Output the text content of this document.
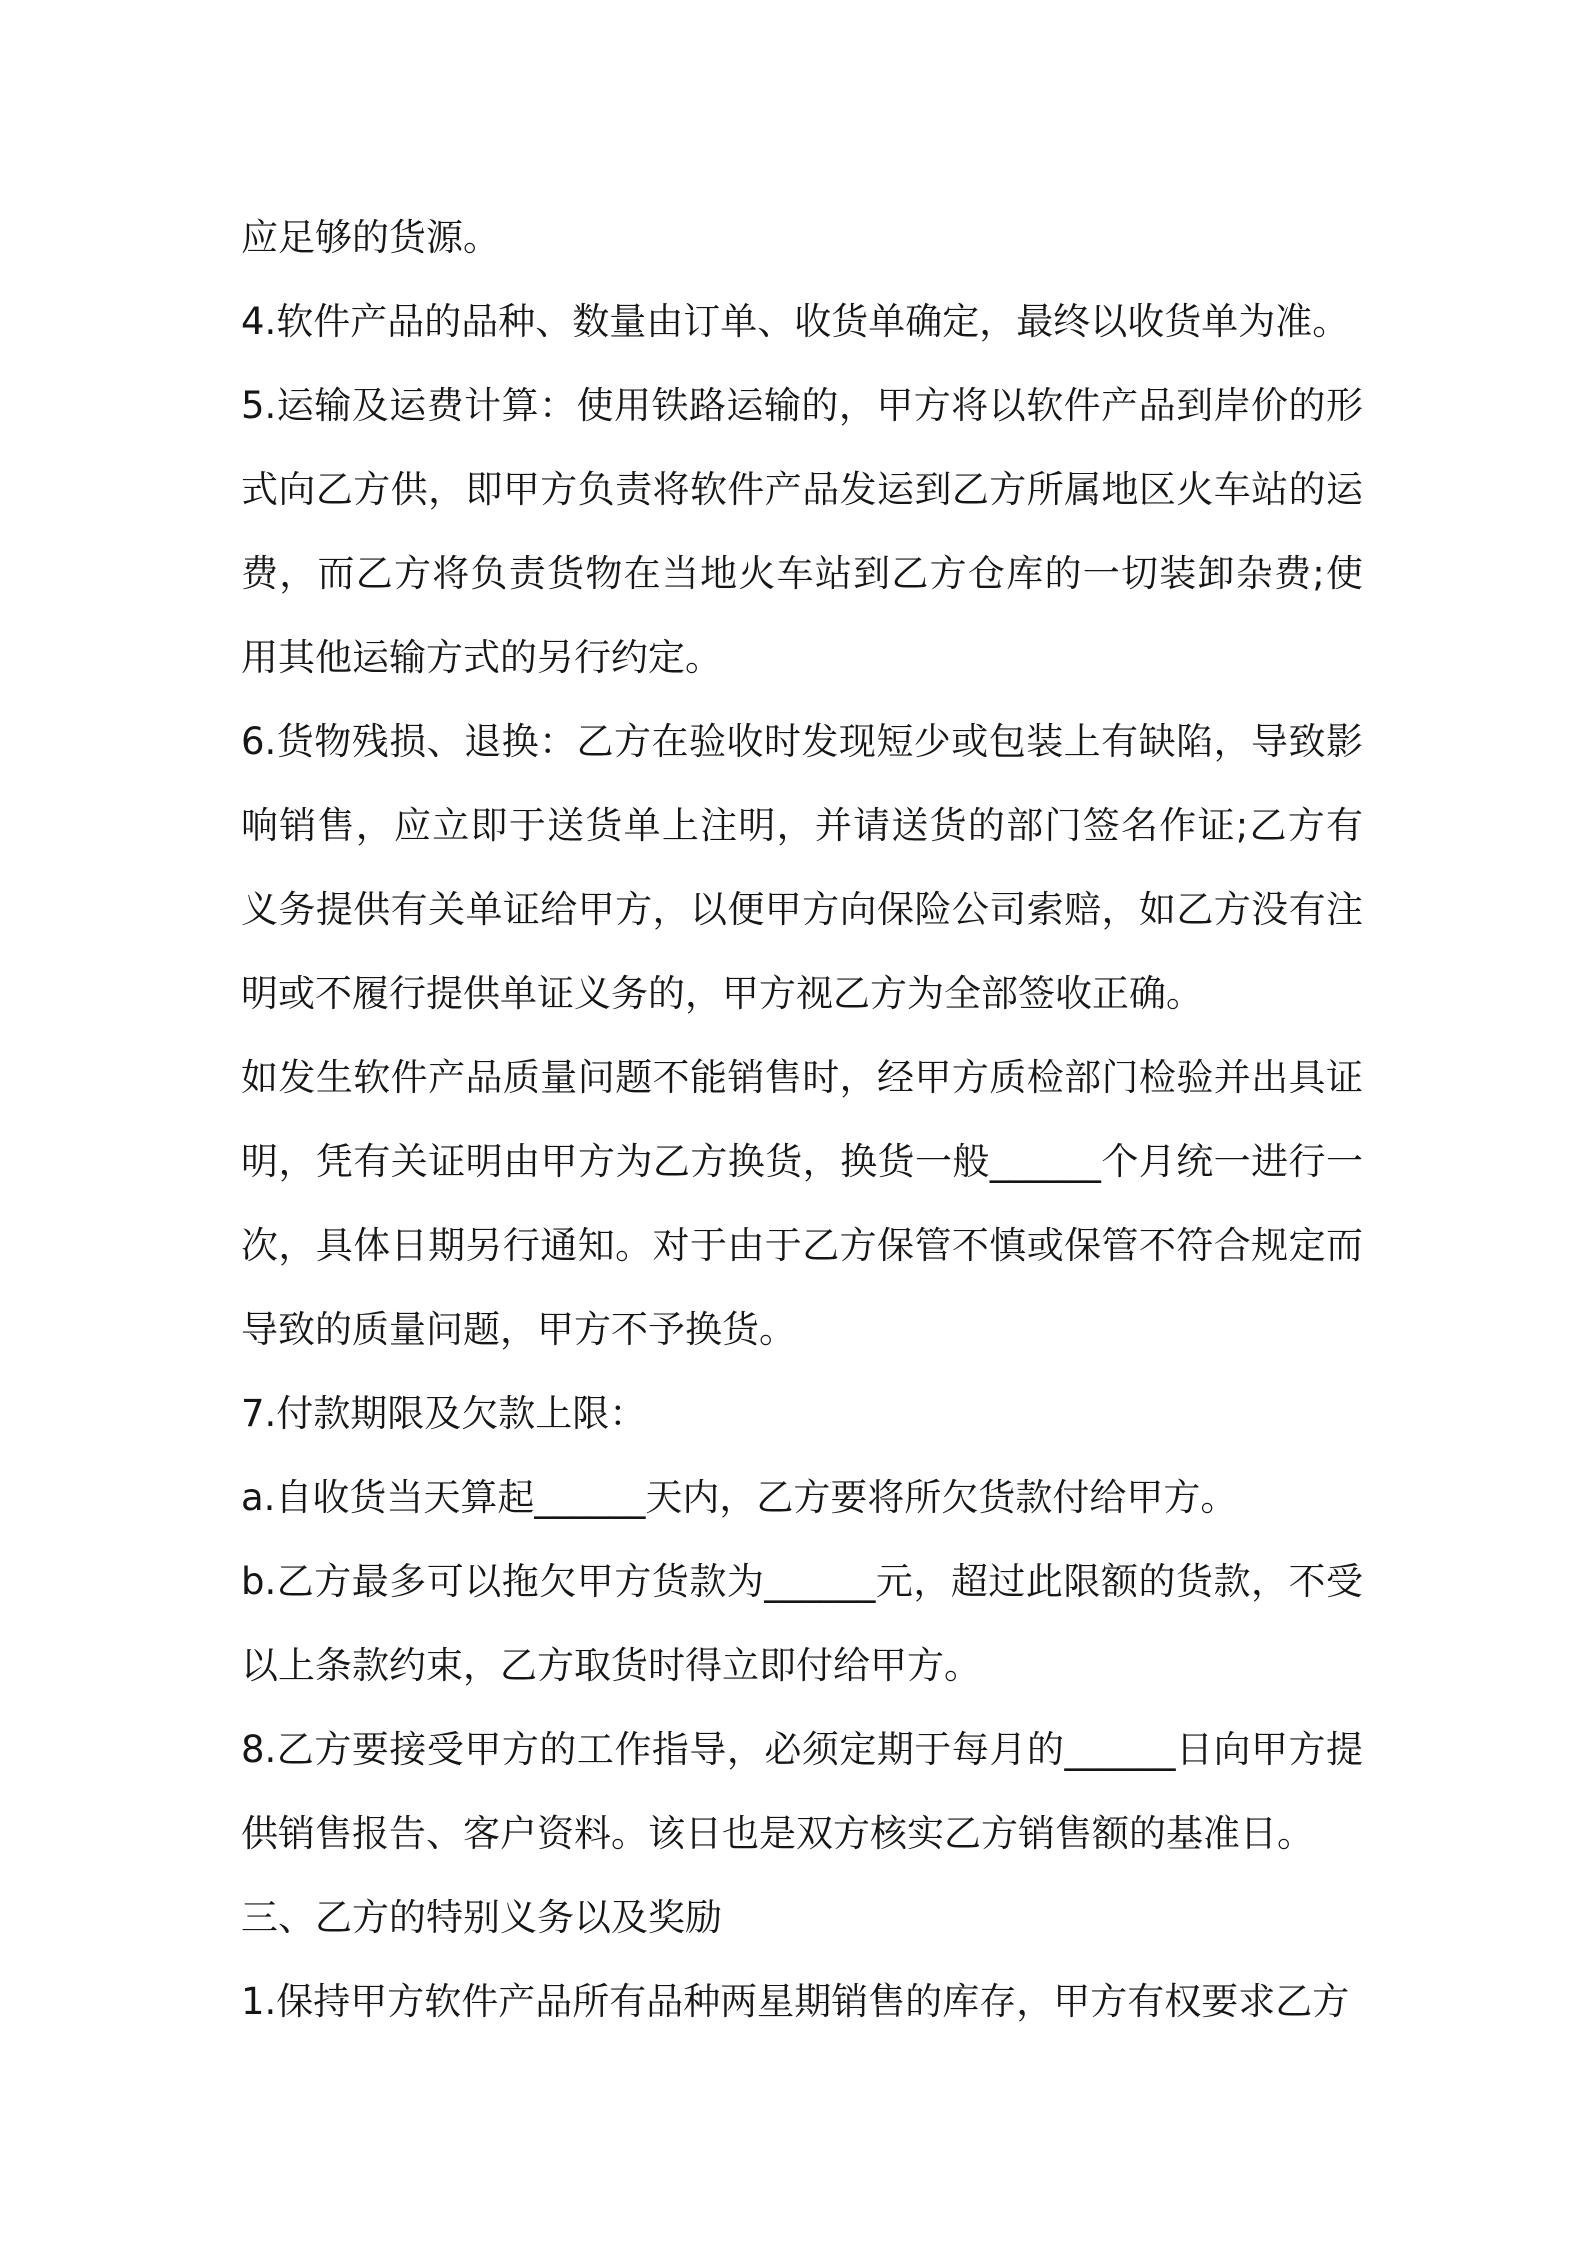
应足够的货源。

4.软件产品的品种、数量由订单、收货单确定，最终以收货单为准。

5.运输及运费计算：使用铁路运输的，甲方将以软件产品到岸价的形式向乙方供，即甲方负责将软件产品发运到乙方所属地区火车站的运费，而乙方将负责货物在当地火车站到乙方仓库的一切装卸杂费;使用其他运输方式的另行约定。

6.货物残损、退换：乙方在验收时发现短少或包装上有缺陷，导致影响销售，应立即于送货单上注明，并请送货的部门签名作证;乙方有义务提供有关单证给甲方，以便甲方向保险公司索赔，如乙方没有注明或不履行提供单证义务的，甲方视乙方为全部签收正确。

如发生软件产品质量问题不能销售时，经甲方质检部门检验并出具证明，凭有关证明由甲方为乙方换货，换货一般______个月统一进行一次，具体日期另行通知。对于由于乙方保管不慎或保管不符合规定而导致的质量问题，甲方不予换货。

7.付款期限及欠款上限：

a.自收货当天算起______天内，乙方要将所欠货款付给甲方。

b.乙方最多可以拖欠甲方货款为______元，超过此限额的货款，不受以上条款约束，乙方取货时得立即付给甲方。

8.乙方要接受甲方的工作指导，必须定期于每月的______日向甲方提供销售报告、客户资料。该日也是双方核实乙方销售额的基准日。

三、乙方的特别义务以及奖励

1.保持甲方软件产品所有品种两星期销售的库存，甲方有权要求乙方
